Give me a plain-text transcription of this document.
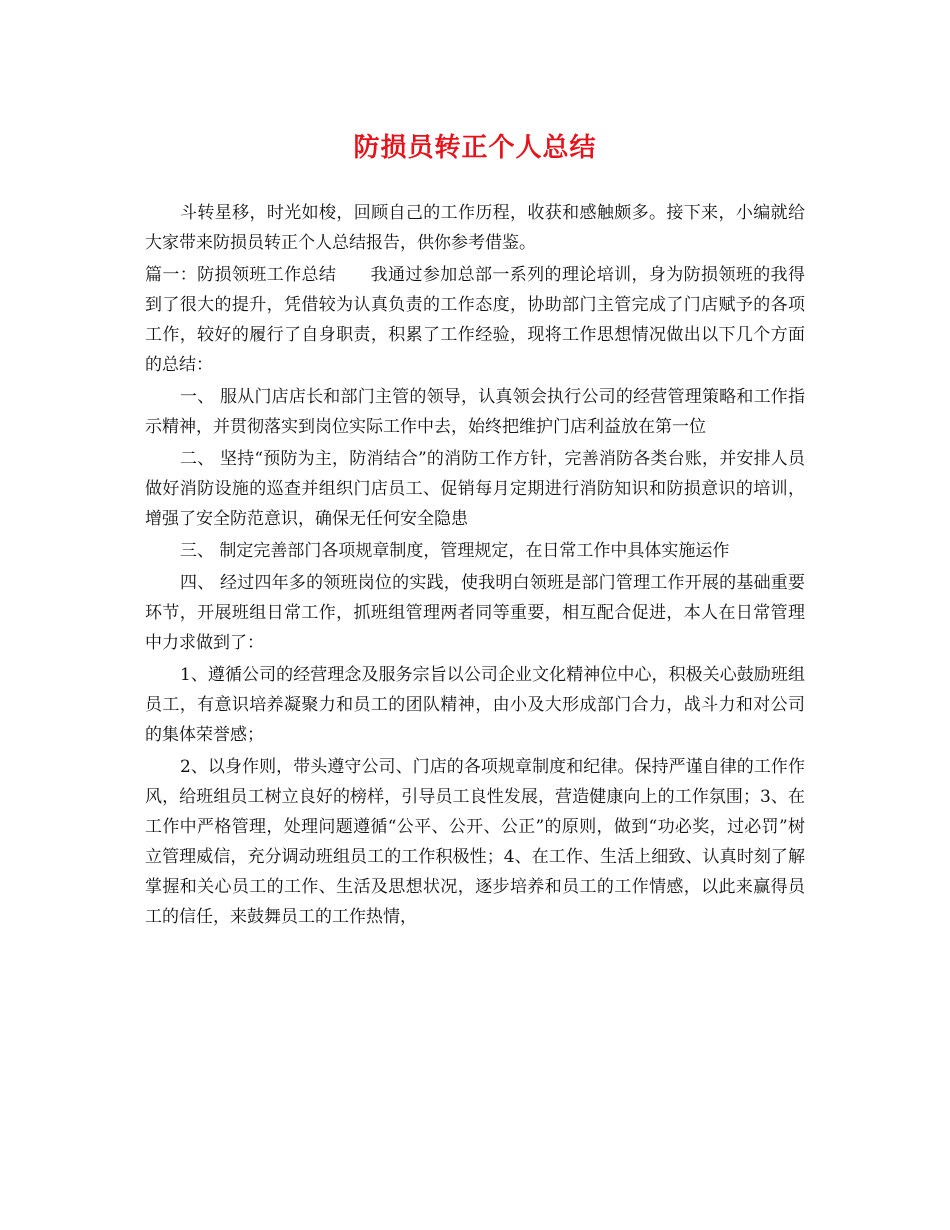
防损员转正个人总结

斗转星移，时光如梭，回顾自己的工作历程，收获和感触颇多。接下来，小编就给大家带来防损员转正个人总结报告，供你参考借鉴。

篇一：防损领班工作总结 我通过参加总部一系列的理论培训，身为防损领班的我得到了很大的提升，凭借较为认真负责的工作态度，协助部门主管完成了门店赋予的各项工作，较好的履行了自身职责，积累了工作经验，现将工作思想情况做出以下几个方面的总结：

一、 服从门店店长和部门主管的领导，认真领会执行公司的经营管理策略和工作指示精神，并贯彻落实到岗位实际工作中去，始终把维护门店利益放在第一位

二、 坚持“预防为主，防消结合”的消防工作方针，完善消防各类台账，并安排人员做好消防设施的巡查并组织门店员工、促销每月定期进行消防知识和防损意识的培训，增强了安全防范意识，确保无任何安全隐患

三、 制定完善部门各项规章制度，管理规定，在日常工作中具体实施运作

四、 经过四年多的领班岗位的实践，使我明白领班是部门管理工作开展的基础重要环节，开展班组日常工作，抓班组管理两者同等重要，相互配合促进，本人在日常管理中力求做到了：

1、遵循公司的经营理念及服务宗旨以公司企业文化精神位中心，积极关心鼓励班组员工，有意识培养凝聚力和员工的团队精神，由小及大形成部门合力，战斗力和对公司的集体荣誉感；

2、以身作则，带头遵守公司、门店的各项规章制度和纪律。保持严谨自律的工作作风，给班组员工树立良好的榜样，引导员工良性发展，营造健康向上的工作氛围；3、在工作中严格管理，处理问题遵循“公平、公开、公正”的原则，做到“功必奖，过必罚”树立管理威信，充分调动班组员工的工作积极性；4、在工作、生活上细致、认真时刻了解掌握和关心员工的工作、生活及思想状况，逐步培养和员工的工作情感，以此来赢得员工的信任，来鼓舞员工的工作热情，
